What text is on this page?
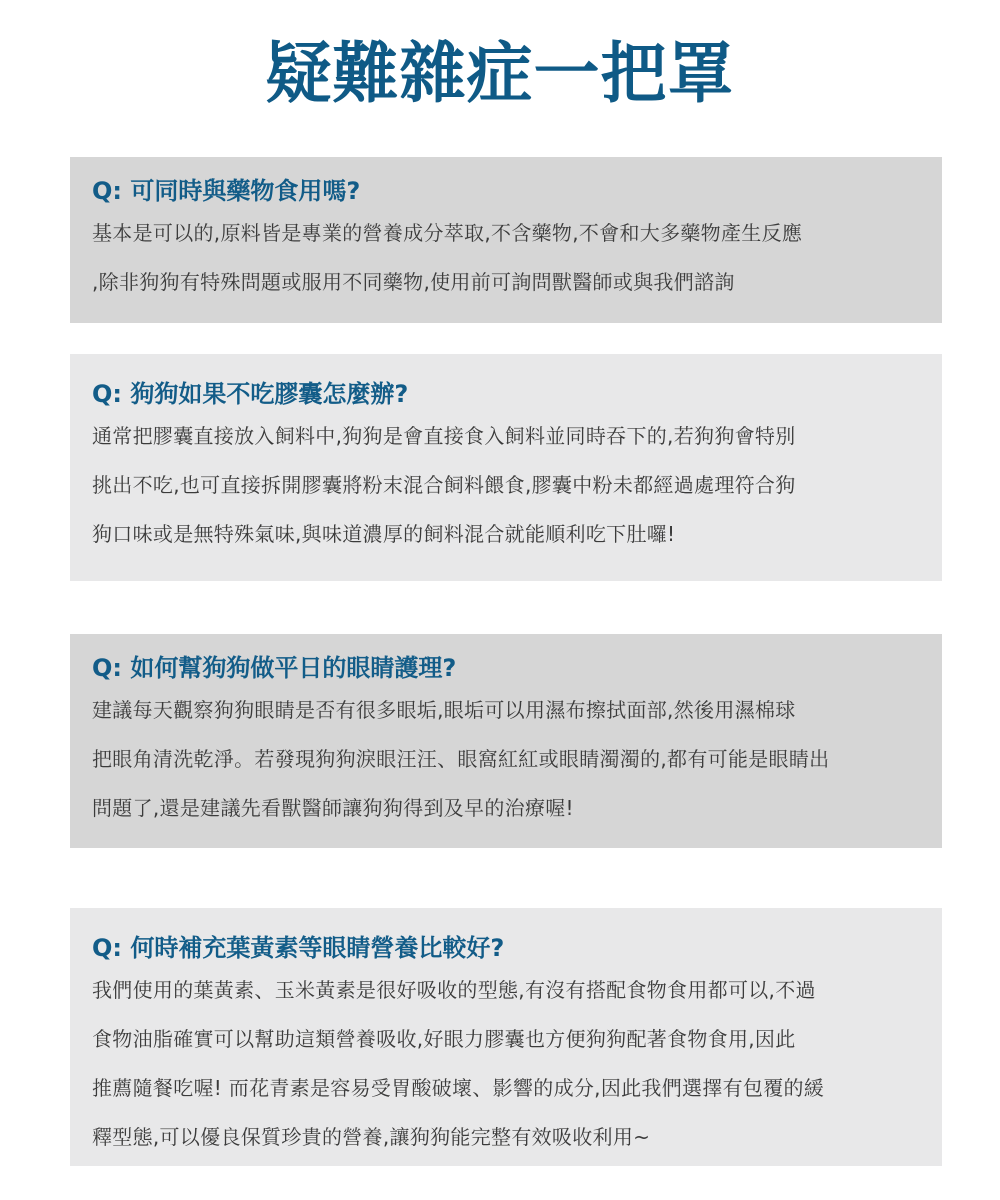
疑難雜症一把罩
Q: 可同時與藥物食用嗎?

基本是可以的,原料皆是專業的營養成分萃取,不含藥物,不會和大多藥物產生反應
,除非狗狗有特殊問題或服用不同藥物,使用前可詢問獸醫師或與我們諮詢

Q: 狗狗如果不吃膠囊怎麼辦?

通常把膠囊直接放入飼料中,狗狗是會直接食入飼料並同時吞下的,若狗狗會特別
挑出不吃,也可直接拆開膠囊將粉末混合飼料餵食,膠囊中粉未都經過處理符合狗
狗口味或是無特殊氣味,與味道濃厚的飼料混合就能順利吃下肚囉!

Q: 如何幫狗狗做平日的眼睛護理?

建議每天觀察狗狗眼睛是否有很多眼垢,眼垢可以用濕布擦拭面部,然後用濕棉球
把眼角清洗乾淨。若發現狗狗淚眼汪汪、眼窩紅紅或眼睛濁濁的,都有可能是眼睛出
問題了,還是建議先看獸醫師讓狗狗得到及早的治療喔!

Q: 何時補充葉黃素等眼睛營養比較好?

我們使用的葉黃素、玉米黃素是很好吸收的型態,有沒有搭配食物食用都可以,不過
食物油脂確實可以幫助這類營養吸收,好眼力膠囊也方便狗狗配著食物食用,因此
推薦隨餐吃喔! 而花青素是容易受胃酸破壞、影響的成分,因此我們選擇有包覆的緩
釋型態,可以優良保質珍貴的營養,讓狗狗能完整有效吸收利用~
